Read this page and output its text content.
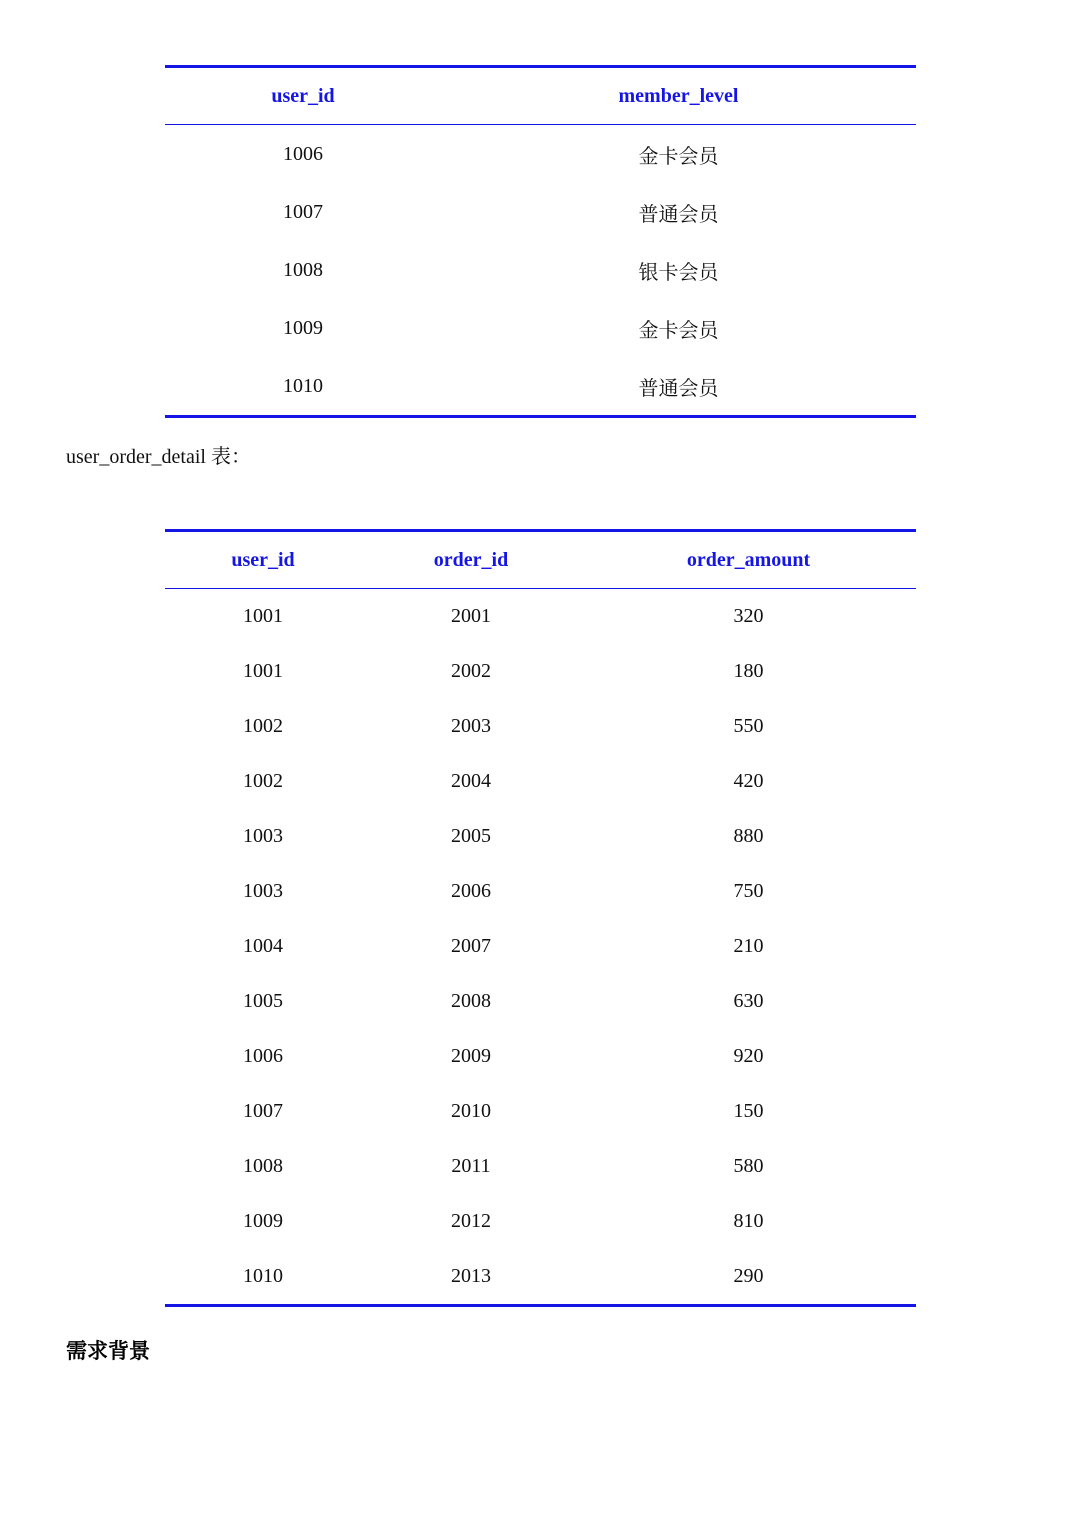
user_id	member_level
1006	金卡会员
1007	普通会员
1008	银卡会员
1009	金卡会员
1010	普通会员
user_order_detail 表：
user_id	order_id	order_amount
1001	2001	320
1001	2002	180
1002	2003	550
1002	2004	420
1003	2005	880
1003	2006	750
1004	2007	210
1005	2008	630
1006	2009	920
1007	2010	150
1008	2011	580
1009	2012	810
1010	2013	290
需求背景
